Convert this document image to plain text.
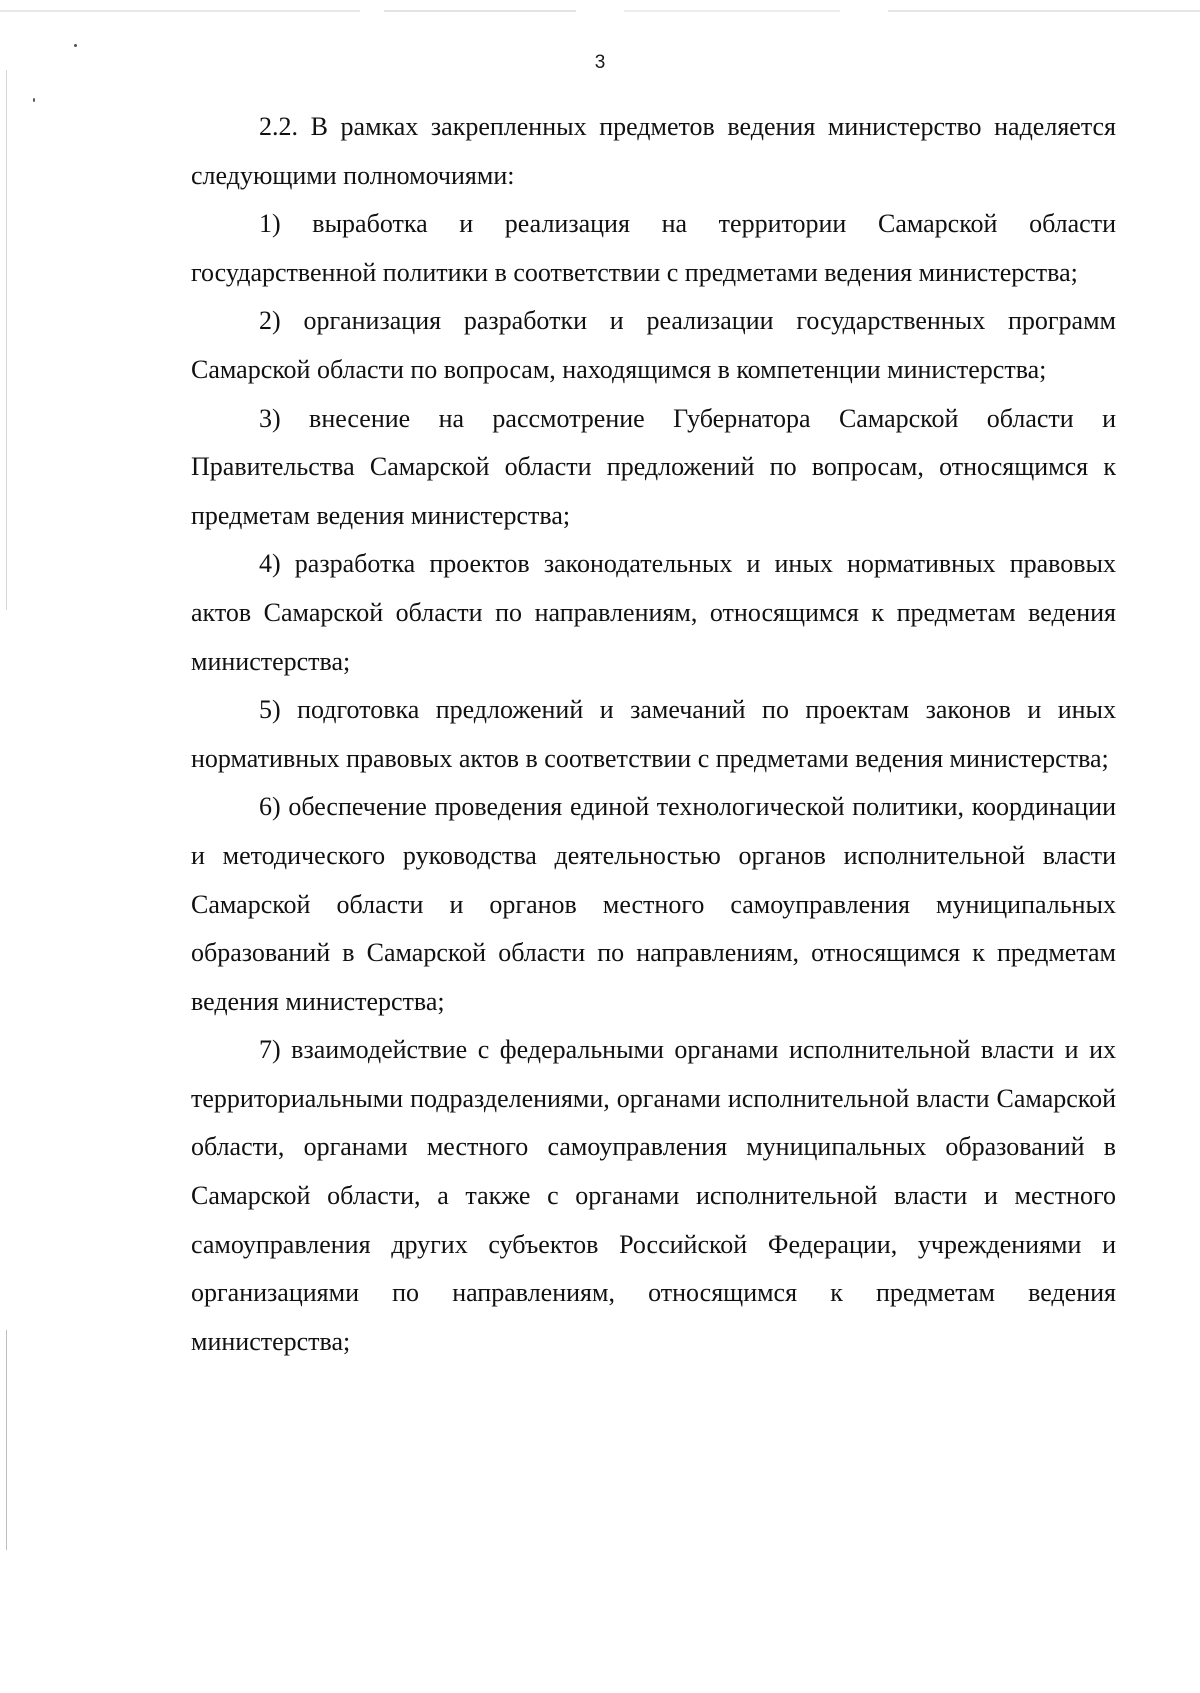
3

2.2. В рамках закрепленных предметов ведения министерство наделяется следующими полномочиями:

1) выработка и реализация на территории Самарской области государственной политики в соответствии с предметами ведения министерства;

2) организация разработки и реализации государственных программ Самарской области по вопросам, находящимся в компетенции министерства;

3) внесение на рассмотрение Губернатора Самарской области и Правительства Самарской области предложений по вопросам, относящимся к предметам ведения министерства;

4) разработка проектов законодательных и иных нормативных правовых актов Самарской области по направлениям, относящимся к предметам ведения министерства;

5) подготовка предложений и замечаний по проектам законов и иных нормативных правовых актов в соответствии с предметами ведения министерства;

6) обеспечение проведения единой технологической политики, координации и методического руководства деятельностью органов исполнительной власти Самарской области и органов местного самоуправления муниципальных образований в Самарской области по направлениям, относящимся к предметам ведения министерства;

7) взаимодействие с федеральными органами исполнительной власти и их территориальными подразделениями, органами исполнительной власти Самарской области, органами местного самоуправления муниципальных образований в Самарской области, а также с органами исполнительной власти и местного самоуправления других субъектов Российской Федерации, учреждениями и организациями по направлениям, относящимся к предметам ведения министерства;
